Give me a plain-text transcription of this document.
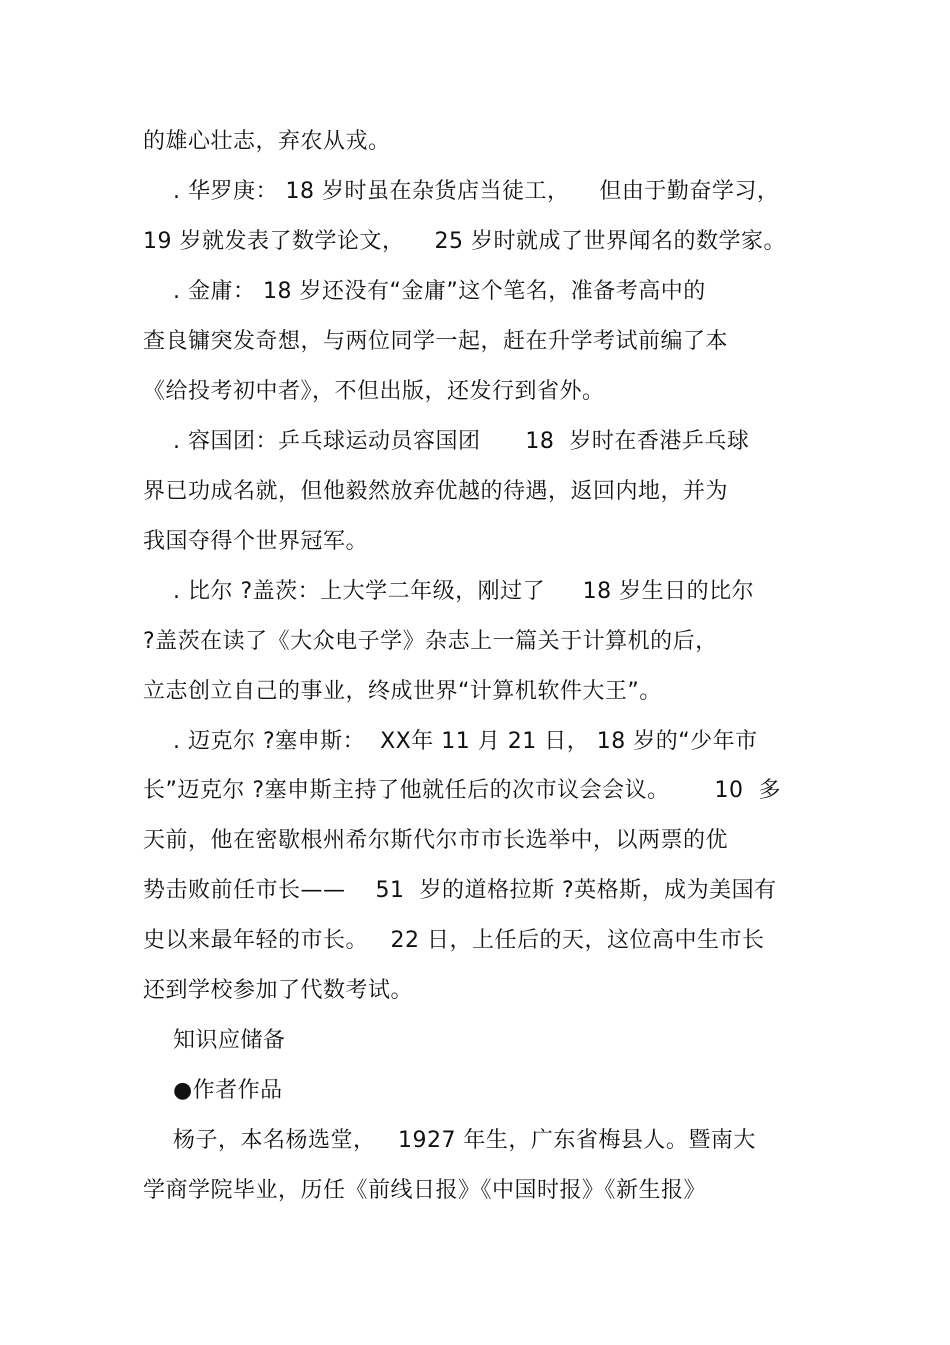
的雄心壮志，弃农从戎。
. 华罗庚： 18 岁时虽在杂货店当徒工，    但由于勤奋学习，
19 岁就发表了数学论文，    25 岁时就成了世界闻名的数学家。
. 金庸： 18 岁还没有“金庸”这个笔名，准备考高中的
查良镛突发奇想，与两位同学一起，赶在升学考试前编了本
《给投考初中者》，不但出版，还发行到省外。
. 容国团：乒乓球运动员容国团      18  岁时在香港乒乓球
界已功成名就，但他毅然放弃优越的待遇，返回内地，并为
我国夺得个世界冠军。
. 比尔 ?盖茨：上大学二年级，刚过了     18 岁生日的比尔
?盖茨在读了《大众电子学》杂志上一篇关于计算机的后，
立志创立自己的事业，终成世界“计算机软件大王”。
. 迈克尔 ?塞申斯：  XX年 11 月 21 日， 18 岁的“少年市
长”迈克尔 ?塞申斯主持了他就任后的次市议会会议。      10  多
天前，他在密歇根州希尔斯代尔市市长选举中，以两票的优
势击败前任市长——    51  岁的道格拉斯 ?英格斯，成为美国有
史以来最年轻的市长。   22 日，上任后的天，这位高中生市长
还到学校参加了代数考试。
知识应储备
●作者作品
杨子，本名杨选堂，   1927 年生，广东省梅县人。暨南大
学商学院毕业，历任《前线日报》《中国时报》《新生报》
